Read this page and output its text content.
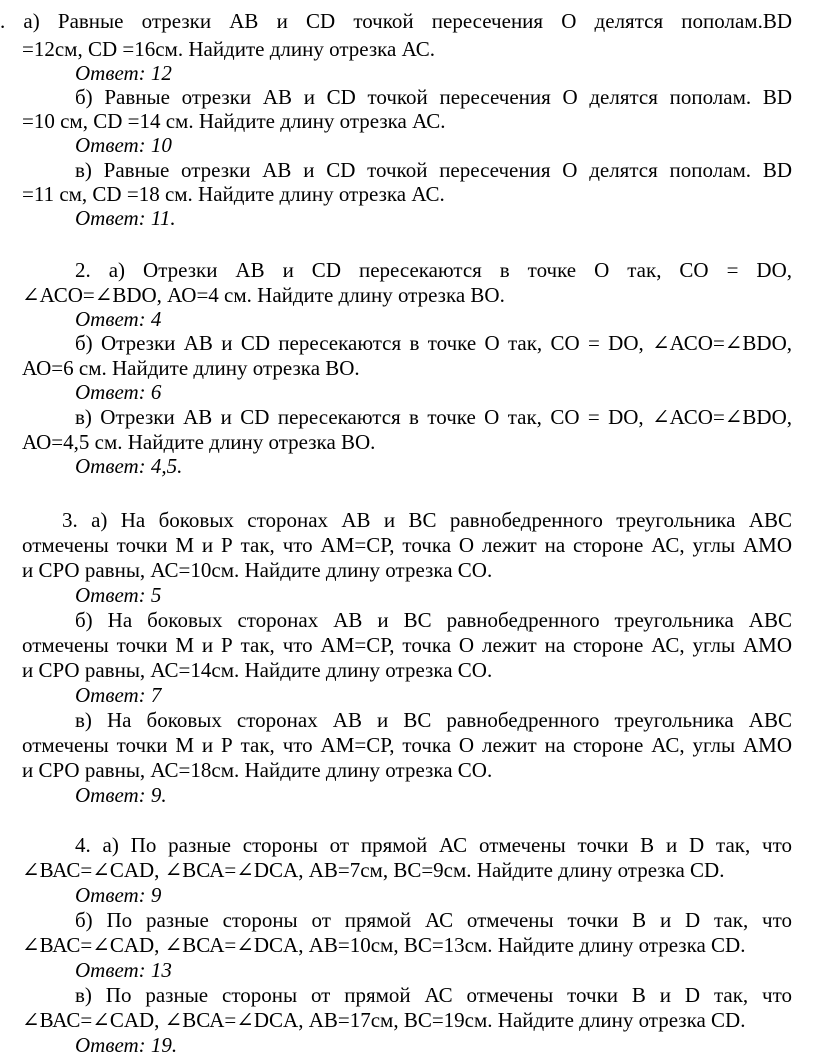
. а) Равные отрезки АВ и CD точкой пересечения О делятся пополам.BD
=12см, CD =16см. Найдите длину отрезка АС.
Ответ: 12
б) Равные отрезки АВ и CD точкой пересечения О делятся пополам. BD
=10 см, CD =14 см. Найдите длину отрезка АС.
Ответ: 10
в) Равные отрезки АВ и CD точкой пересечения О делятся пополам. BD
=11 см, CD =18 см. Найдите длину отрезка АС.
Ответ: 11.
2. а) Отрезки АВ и CD пересекаются в точке О так, СО = DO,
∠АСО=∠BDO, АО=4 см. Найдите длину отрезка ВО.
Ответ: 4
б) Отрезки АВ и CD пересекаются в точке О так, СО = DO, ∠АСО=∠BDO,
АО=6 см. Найдите длину отрезка ВО.
Ответ: 6
в) Отрезки АВ и CD пересекаются в точке О так, СО = DO, ∠АСО=∠BDO,
АО=4,5 см. Найдите длину отрезка ВО.
Ответ: 4,5.
3. а) На боковых сторонах АВ и ВС равнобедренного треугольника АВС
отмечены точки М и Р так, что АМ=СР, точка О лежит на стороне АС, углы АМО
и СРО равны, АС=10см. Найдите длину отрезка СО.
Ответ: 5
б) На боковых сторонах АВ и ВС равнобедренного треугольника АВС
отмечены точки М и Р так, что АМ=СР, точка О лежит на стороне АС, углы АМО
и СРО равны, АС=14см. Найдите длину отрезка СО.
Ответ: 7
в) На боковых сторонах АВ и ВС равнобедренного треугольника АВС
отмечены точки М и Р так, что АМ=СР, точка О лежит на стороне АС, углы АМО
и СРО равны, АС=18см. Найдите длину отрезка СО.
Ответ: 9.
4. а) По разные стороны от прямой АС отмечены точки В и D так, что
∠ВАС=∠CAD, ∠ВСА=∠DCA, АВ=7см, ВС=9см. Найдите длину отрезка CD.
Ответ: 9
б) По разные стороны от прямой АС отмечены точки В и D так, что
∠ВАС=∠CAD, ∠ВСА=∠DCA, АВ=10см, ВС=13см. Найдите длину отрезка CD.
Ответ: 13
в) По разные стороны от прямой АС отмечены точки В и D так, что
∠ВАС=∠CAD, ∠ВСА=∠DCA, АВ=17см, ВС=19см. Найдите длину отрезка CD.
Ответ: 19.
